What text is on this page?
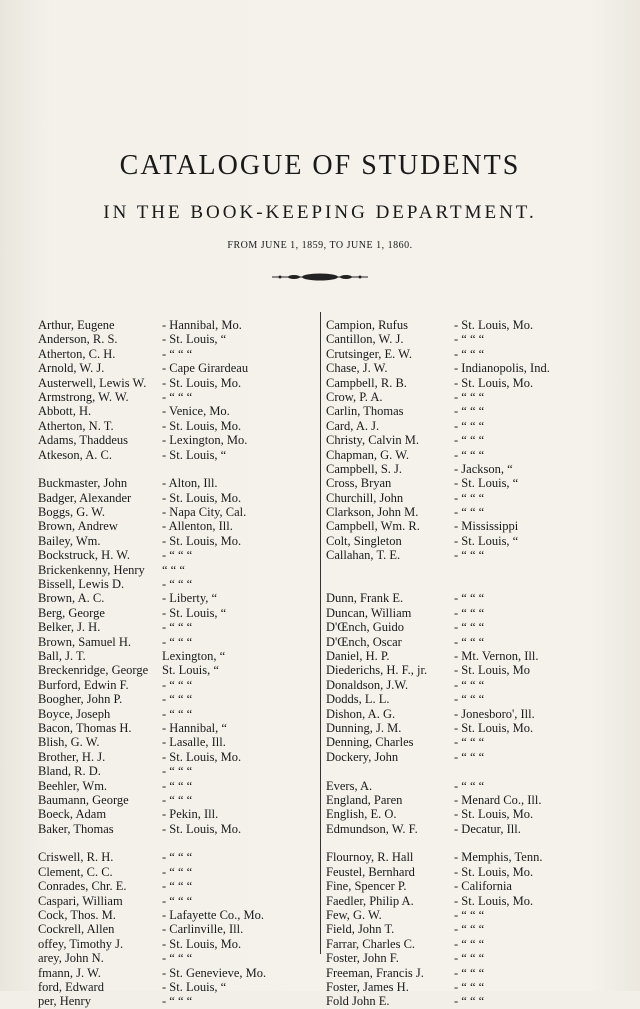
CATALOGUE OF STUDENTS
IN THE BOOK-KEEPING DEPARTMENT.
FROM JUNE 1, 1859, TO JUNE 1, 1860.
Arthur, Eugene	- Hannibal, Mo.
Anderson, R. S.	- St. Louis, “
Atherton, C. H.	- “ “ “
Arnold, W. J.	- Cape Girardeau
Austerwell, Lewis W. - St. Louis, Mo.
Armstrong, W. W.	- “ “ “
Abbott, H.	- Venice, Mo.
Atherton, N. T.	- St. Louis, Mo.
Adams, Thaddeus	- Lexington, Mo.
Atkeson, A. C.	- St. Louis, “
Buckmaster, John	- Alton, Ill.
Badger, Alexander - St. Louis, Mo.
Boggs, G. W.	- Napa City, Cal.
Brown, Andrew	- Allenton, Ill.
Bailey, Wm.	- St. Louis, Mo.
Bockstruck, H. W.	- “ “ “
Brickenkenny, Henry “ “ “
Bissell, Lewis D.	- “ “ “
Brown, A. C.	- Liberty, “
Berg, George	- St. Louis, “
Belker, J. H.	- “ “ “
Brown, Samuel H. - “ “ “
Ball, J. T.	Lexington, “
Breckenridge, George St. Louis, “
Burford, Edwin F.	- “ “ “
Boogher, John P.	- “ “ “
Boyce, Joseph	- “ “ “
Bacon, Thomas H. - Hannibal, “
Blish, G. W.	- Lasalle, Ill.
Brother, H. J.	- St. Louis, Mo.
Bland, R. D.	- “ “ “
Beehler, Wm.	- “ “ “
Baumann, George	- “ “ “
Boeck, Adam	- Pekin, Ill.
Baker, Thomas	- St. Louis, Mo.
Criswell, R. H.	- “ “ “
Clement, C. C.	- “ “ “
Conrades, Chr. E.	- “ “ “
Caspari, William	- “ “ “
Cock, Thos. M.	- Lafayette Co., Mo.
Cockrell, Allen	- Carlinville, Ill.
offey, Timothy J.	- St. Louis, Mo.
arey, John N.	- “ “ “
fmann, J. W.	- St. Genevieve, Mo.
ford, Edward	- St. Louis, “
per, Henry	- “ “ “
Campion, Rufus	- St. Louis, Mo.
Cantillon, W. J.	- “ “ “
Crutsinger, E. W.	- “ “ “
Chase, J. W.	- Indianopolis, Ind.
Campbell, R. B.	- St. Louis, Mo.
Crow, P. A.	- “ “ “
Carlin, Thomas	- “ “ “
Card, A. J.	- “ “ “
Christy, Calvin M.	- “ “ “
Chapman, G. W.	- “ “ “
Campbell, S. J.	- Jackson, “
Cross, Bryan	- St. Louis, “
Churchill, John	- “ “ “
Clarkson, John M.	- “ “ “
Campbell, Wm. R.	- Mississippi
Colt, Singleton	- St. Louis, “
Callahan, T. E.	- “ “ “
Dunn, Frank E.	- “ “ “
Duncan, William	- “ “ “
D'Œnch, Guido	- “ “ “
D'Œnch, Oscar	- “ “ “
Daniel, H. P.	- Mt. Vernon, Ill.
Diederichs, H. F., jr. - St. Louis, Mo
Donaldson, J.W.	- “ “ “
Dodds, L. L.	- “ “ “
Dishon, A. G.	- Jonesboro', Ill.
Dunning, J. M.	- St. Louis, Mo.
Denning, Charles	- “ “ “
Dockery, John	- “ “ “
Evers, A.	- “ “ “
England, Paren	- Menard Co., Ill.
English, E. O.	- St. Louis, Mo.
Edmundson, W. F.	- Decatur, Ill.
Flournoy, R. Hall	- Memphis, Tenn.
Feustel, Bernhard	- St. Louis, Mo.
Fine, Spencer P.	- California
Faedler, Philip A.	- St. Louis, Mo.
Few, G. W.	- “ “ “
Field, John T.	- “ “ “
Farrar, Charles C.	- “ “ “
Foster, John F.	- “ “ “
Freeman, Francis J. - “ “ “
Foster, James H.	- “ “ “
Fold John E.	- “ “ “
